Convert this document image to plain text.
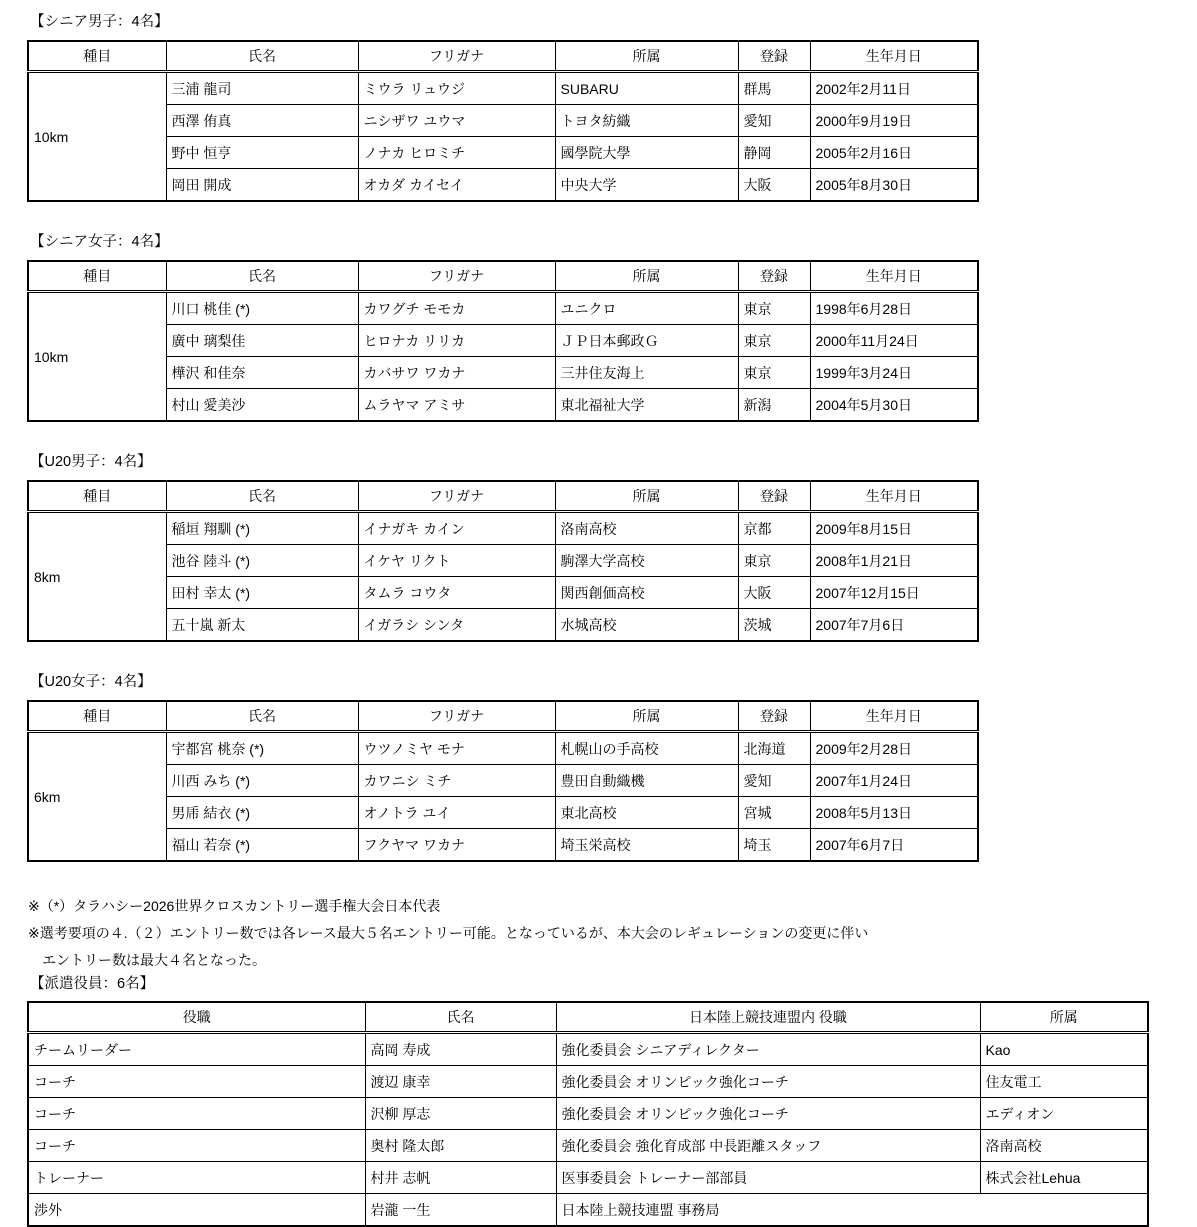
【シニア男子：4名】
種目	氏名	フリガナ	所属	登録	生年月日
10km	三浦 龍司	ミウラ リュウジ	SUBARU	群馬	2002年2月11日
	西澤 侑真	ニシザワ ユウマ	トヨタ紡織	愛知	2000年9月19日
	野中 恒亨	ノナカ ヒロミチ	國學院大學	静岡	2005年2月16日
	岡田 開成	オカダ カイセイ	中央大学	大阪	2005年8月30日
【シニア女子：4名】
種目	氏名	フリガナ	所属	登録	生年月日
10km	川口 桃佳 (*)	カワグチ モモカ	ユニクロ	東京	1998年6月28日
	廣中 璃梨佳	ヒロナカ リリカ	ＪＰ日本郵政Ｇ	東京	2000年11月24日
	樺沢 和佳奈	カバサワ ワカナ	三井住友海上	東京	1999年3月24日
	村山 愛美沙	ムラヤマ アミサ	東北福祉大学	新潟	2004年5月30日
【U20男子：4名】
種目	氏名	フリガナ	所属	登録	生年月日
8km	稲垣 翔馴 (*)	イナガキ カイン	洛南高校	京都	2009年8月15日
	池谷 陸斗 (*)	イケヤ リクト	駒澤大学高校	東京	2008年1月21日
	田村 幸太 (*)	タムラ コウタ	関西創価高校	大阪	2007年12月15日
	五十嵐 新太	イガラシ シンタ	水城高校	茨城	2007年7月6日
【U20女子：4名】
種目	氏名	フリガナ	所属	登録	生年月日
6km	宇都宮 桃奈 (*)	ウツノミヤ モナ	札幌山の手高校	北海道	2009年2月28日
	川西 みち (*)	カワニシ ミチ	豊田自動織機	愛知	2007年1月24日
	男乕 結衣 (*)	オノトラ ユイ	東北高校	宮城	2008年5月13日
	福山 若奈 (*)	フクヤマ ワカナ	埼玉栄高校	埼玉	2007年6月7日
※（*）タラハシー2026世界クロスカントリー選手権大会日本代表
※選考要項の４.（２）エントリー数では各レース最大５名エントリー可能。となっているが、本大会のレギュレーションの変更に伴い
　エントリー数は最大４名となった。
【派遣役員：6名】
役職	氏名	日本陸上競技連盟内 役職	所属
チームリーダー	高岡 寿成	強化委員会 シニアディレクター	Kao
コーチ	渡辺 康幸	強化委員会 オリンピック強化コーチ	住友電工
コーチ	沢柳 厚志	強化委員会 オリンピック強化コーチ	エディオン
コーチ	奥村 隆太郎	強化委員会 強化育成部 中長距離スタッフ	洛南高校
トレーナー	村井 志帆	医事委員会 トレーナー部部員	株式会社Lehua
渉外	岩瀧 一生	日本陸上競技連盟 事務局	
